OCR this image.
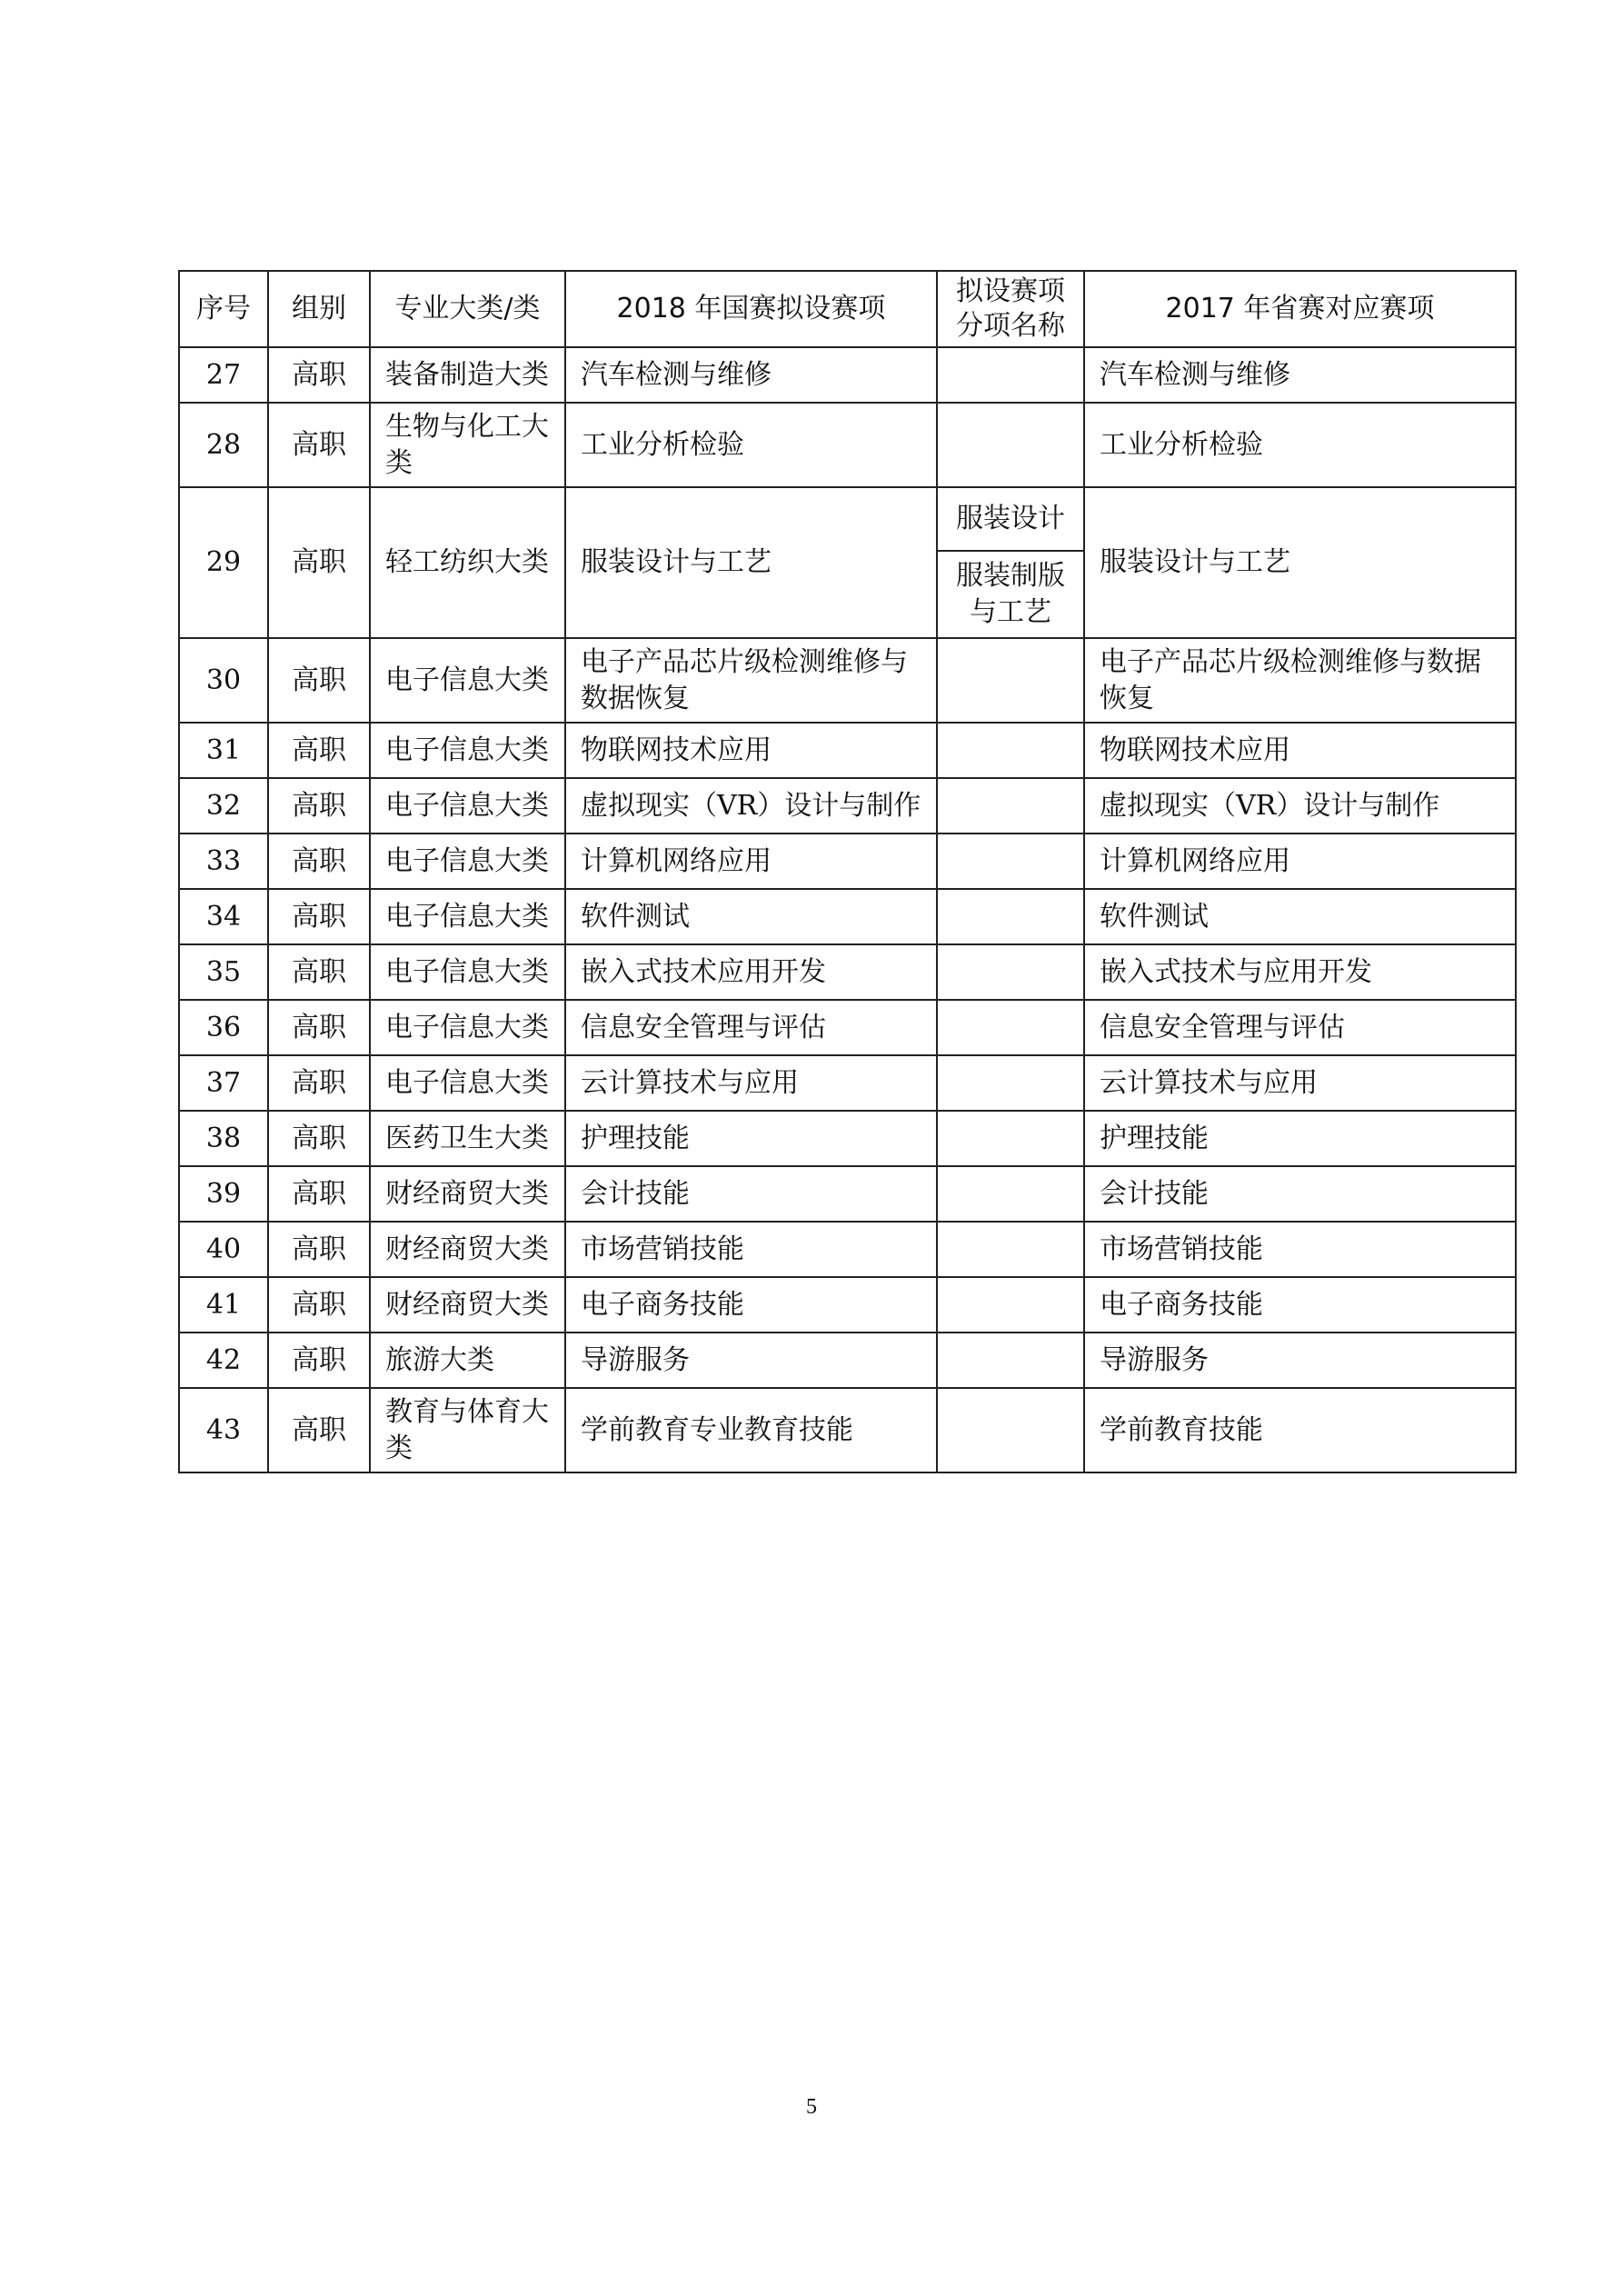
序号	组别	专业大类/类	2018 年国赛拟设赛项	拟设赛项分项名称	2017 年省赛对应赛项
27	高职	装备制造大类	汽车检测与维修		汽车检测与维修
28	高职	生物与化工大类	工业分析检验		工业分析检验
29	高职	轻工纺织大类	服装设计与工艺	服装设计	服装设计与工艺
				服装制版与工艺	
30	高职	电子信息大类	电子产品芯片级检测维修与数据恢复		电子产品芯片级检测维修与数据恢复
31	高职	电子信息大类	物联网技术应用		物联网技术应用
32	高职	电子信息大类	虚拟现实（VR）设计与制作		虚拟现实（VR）设计与制作
33	高职	电子信息大类	计算机网络应用		计算机网络应用
34	高职	电子信息大类	软件测试		软件测试
35	高职	电子信息大类	嵌入式技术应用开发		嵌入式技术与应用开发
36	高职	电子信息大类	信息安全管理与评估		信息安全管理与评估
37	高职	电子信息大类	云计算技术与应用		云计算技术与应用
38	高职	医药卫生大类	护理技能		护理技能
39	高职	财经商贸大类	会计技能		会计技能
40	高职	财经商贸大类	市场营销技能		市场营销技能
41	高职	财经商贸大类	电子商务技能		电子商务技能
42	高职	旅游大类	导游服务		导游服务
43	高职	教育与体育大类	学前教育专业教育技能		学前教育技能
5
